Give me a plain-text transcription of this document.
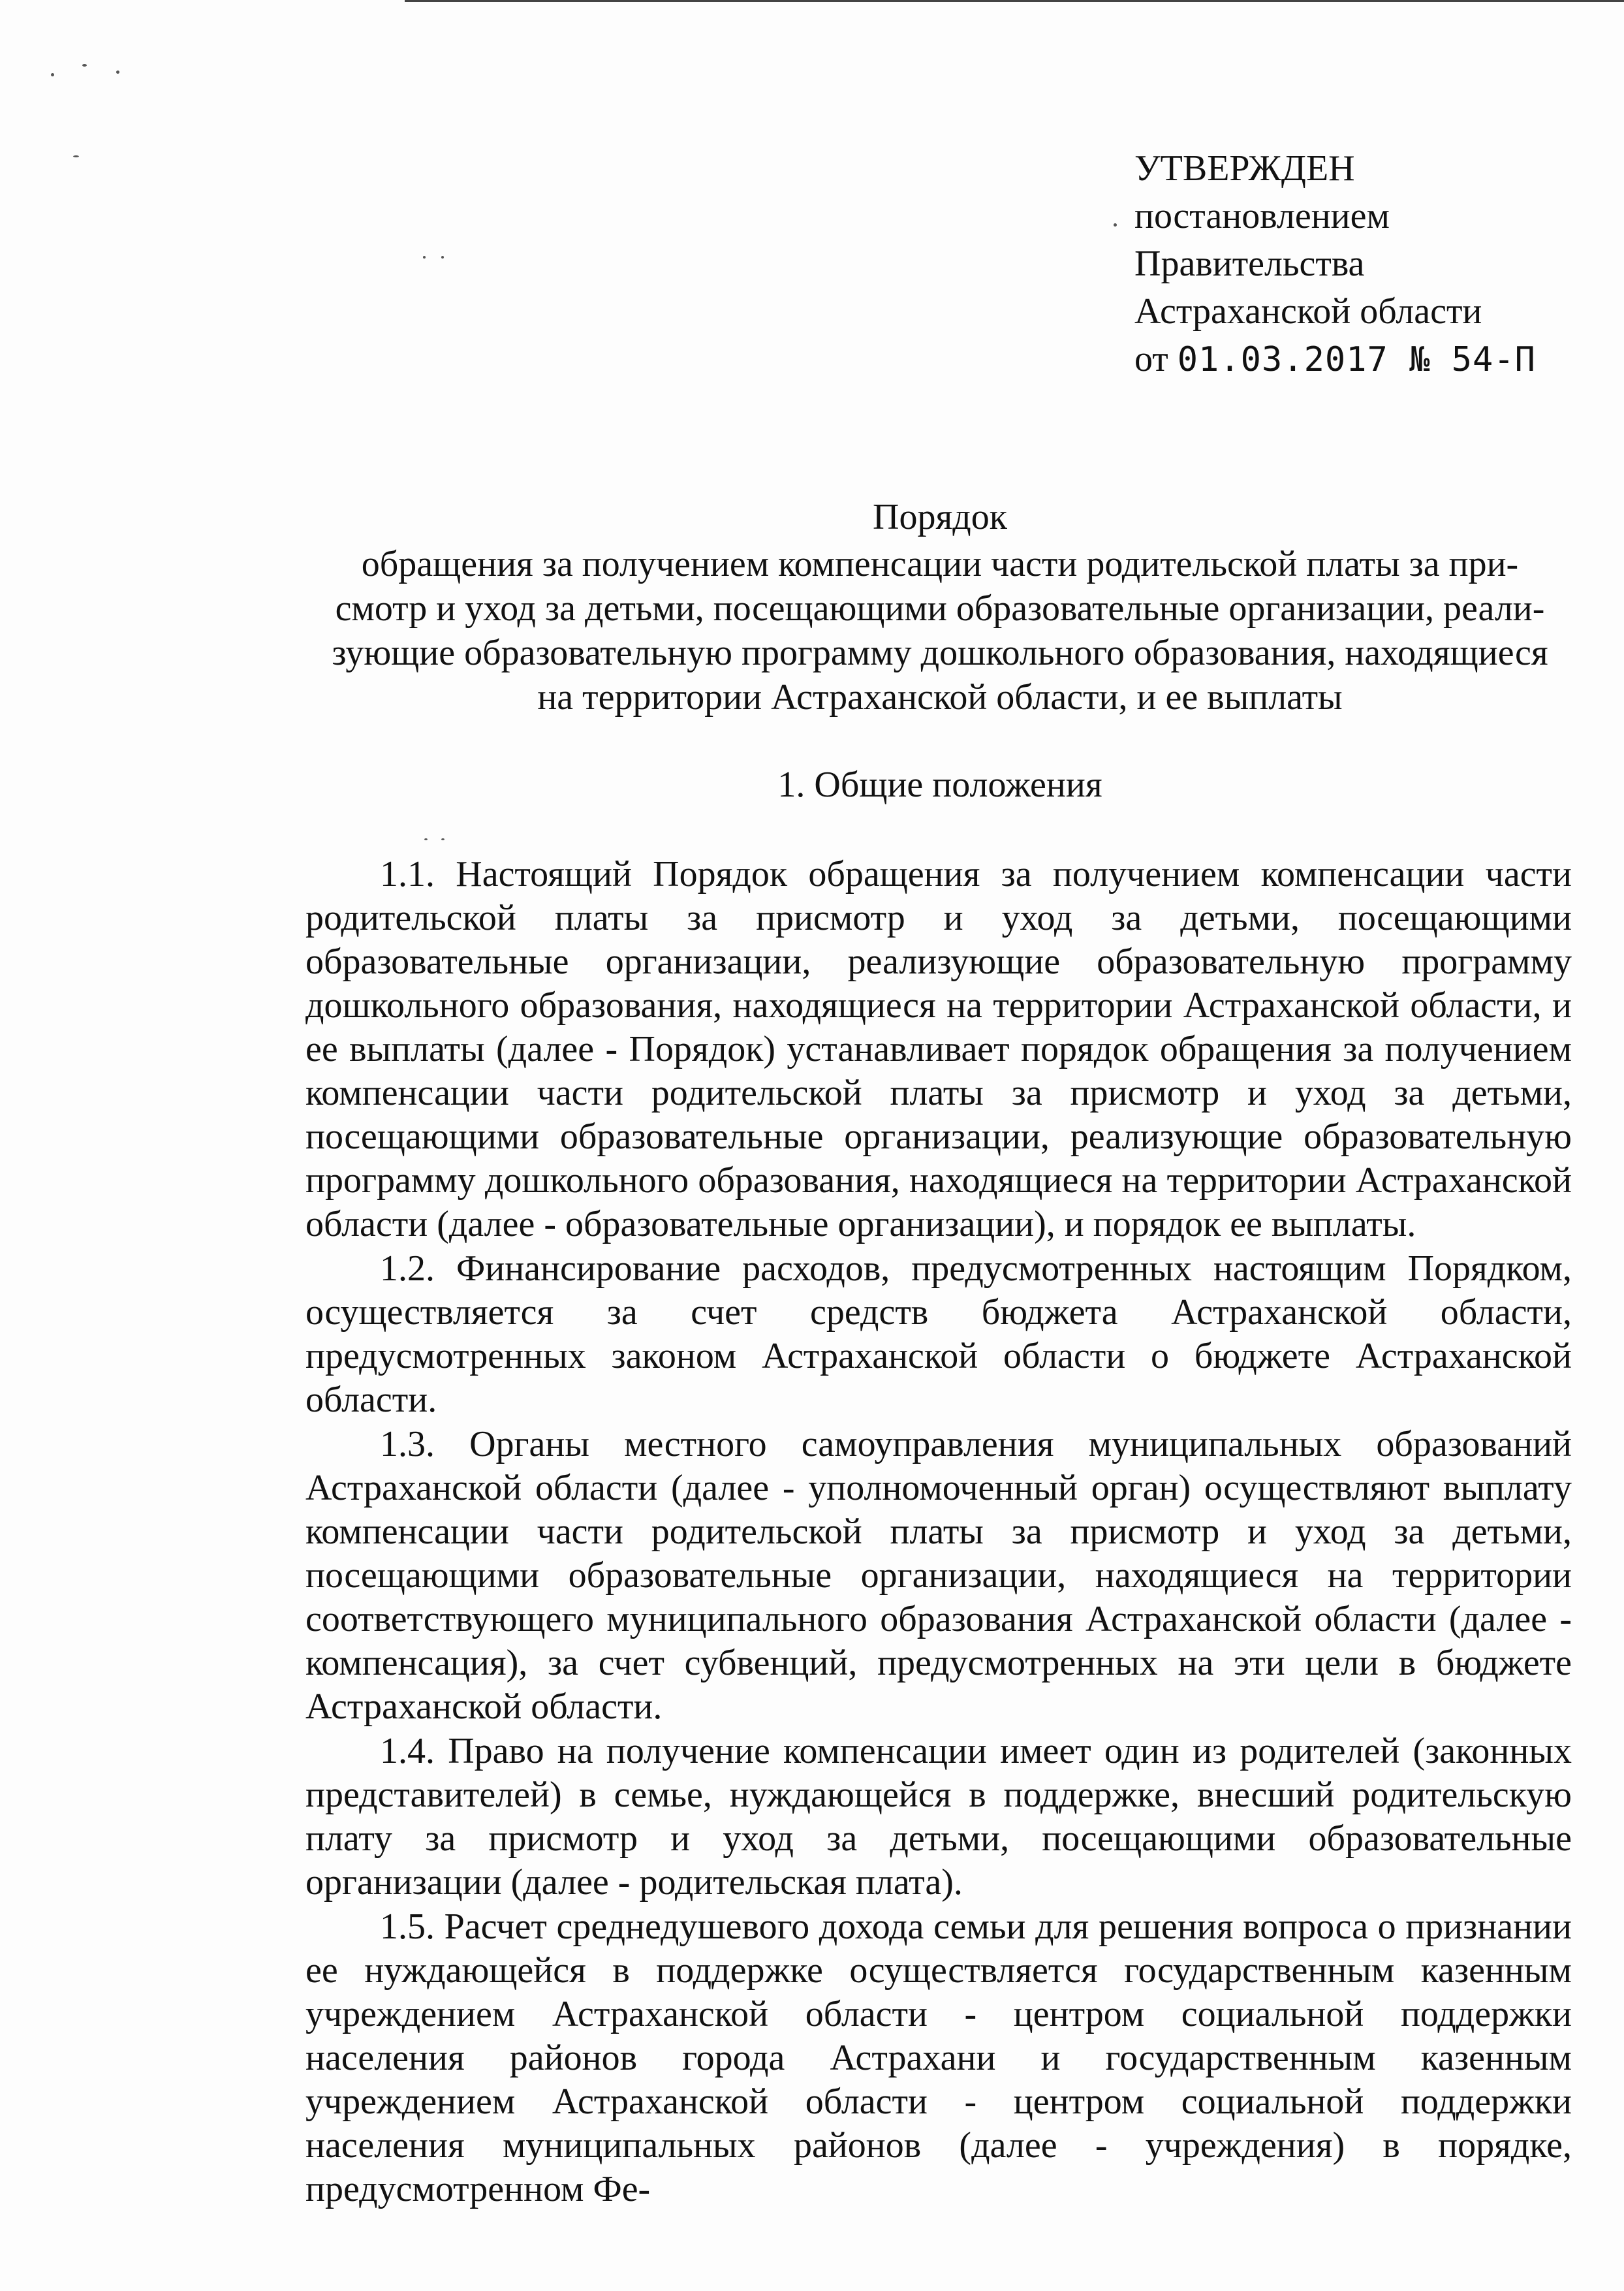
УТВЕРЖДЕН
постановлением
Правительства
Астраханской области
от 01.03.2017 № 54-П
Порядок
обращения за получением компенсации части родительской платы за при-
смотр и уход за детьми, посещающими образовательные организации, реали-
зующие образовательную программу дошкольного образования, находящиеся
на территории Астраханской области, и ее выплаты
1. Общие положения

1.1. Настоящий Порядок обращения за получением компенсации части родительской платы за присмотр и уход за детьми, посещающими образовательные организации, реализующие образовательную программу дошкольного образования, находящиеся на территории Астраханской области, и ее выплаты (далее - Порядок) устанавливает порядок обращения за получением компенсации части родительской платы за присмотр и уход за детьми, посещающими образовательные организации, реализующие образовательную программу дошкольного образования, находящиеся на территории Астраханской области (далее - образовательные организации), и порядок ее выплаты.

1.2. Финансирование расходов, предусмотренных настоящим Порядком, осуществляется за счет средств бюджета Астраханской области, предусмотренных законом Астраханской области о бюджете Астраханской области.

1.3. Органы местного самоуправления муниципальных образований Астраханской области (далее - уполномоченный орган) осуществляют выплату компенсации части родительской платы за присмотр и уход за детьми, посещающими образовательные организации, находящиеся на территории соответствующего муниципального образования Астраханской области (далее - компенсация), за счет субвенций, предусмотренных на эти цели в бюджете Астраханской области.

1.4. Право на получение компенсации имеет один из родителей (законных представителей) в семье, нуждающейся в поддержке, внесший родительскую плату за присмотр и уход за детьми, посещающими образовательные организации (далее - родительская плата).

1.5. Расчет среднедушевого дохода семьи для решения вопроса о признании ее нуждающейся в поддержке осуществляется государственным казенным учреждением Астраханской области - центром социальной поддержки населения районов города Астрахани и государственным казенным учреждением Астраханской области - центром социальной поддержки населения муниципальных районов (далее - учреждения) в порядке, предусмотренном Фе-
